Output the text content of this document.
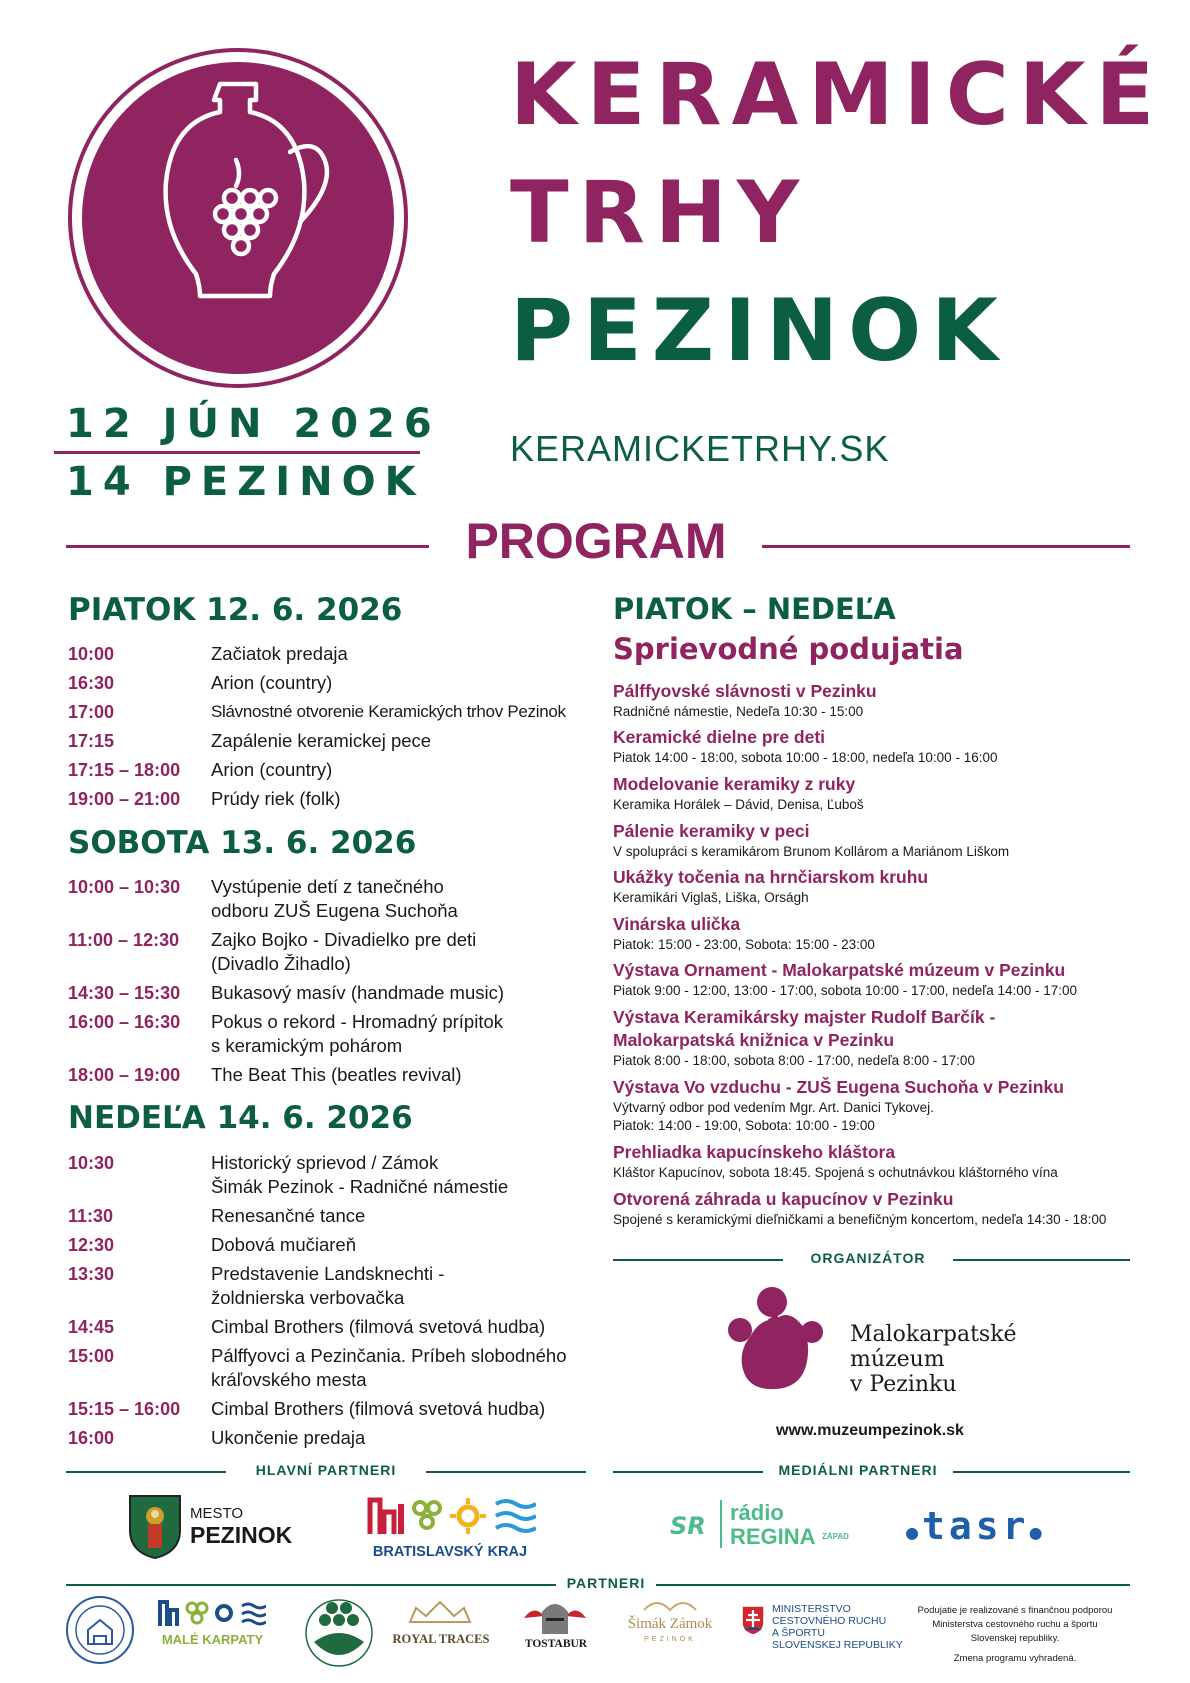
KERAMICKÉ
TRHY
PEZINOK
12 JÚN 2026
14 PEZINOK
KERAMICKETRHY.SK
PROGRAM
PIATOK 12. 6. 2026
10:00	Začiatok predaja
16:30	Arion (country)
17:00	Slávnostné otvorenie Keramických trhov Pezinok
17:15	Zapálenie keramickej pece
17:15 – 18:00 Arion (country)
19:00 – 21:00 Prúdy riek (folk)
SOBOTA 13. 6. 2026
10:00 – 10:30 Vystúpenie detí z tanečného
odboru ZUŠ Eugena Suchoňa
11:00 – 12:30 Zajko Bojko - Divadielko pre deti
(Divadlo Žihadlo)
14:30 – 15:30 Bukasový masív (handmade music)
16:00 – 16:30 Pokus o rekord - Hromadný prípitok
s keramickým pohárom
18:00 – 19:00 The Beat This (beatles revival)
NEDEĽA 14. 6. 2026
10:30	Historický sprievod / Zámok
Šimák Pezinok - Radničné námestie
11:30	Renesančné tance
12:30	Dobová mučiareň
13:30	Predstavenie Landsknechti -
žoldnierska verbovačka
14:45	Cimbal Brothers (filmová svetová hudba)
15:00	Pálffyovci a Pezinčania. Príbeh slobodného
kráľovského mesta
15:15 – 16:00 Cimbal Brothers (filmová svetová hudba)
16:00	Ukončenie predaja
PIATOK – NEDEĽA
Sprievodné podujatia
Pálffyovské slávnosti v Pezinku
Radničné námestie, Nedeľa 10:30 - 15:00
Keramické dielne pre deti
Piatok 14:00 - 18:00, sobota 10:00 - 18:00, nedeľa 10:00 - 16:00
Modelovanie keramiky z ruky
Keramika Horálek – Dávid, Denisa, Ľuboš
Pálenie keramiky v peci
V spolupráci s keramikárom Brunom Kollárom a Mariánom Liškom
Ukážky točenia na hrnčiarskom kruhu
Keramikári Viglaš, Liška, Orságh
Vinárska ulička
Piatok: 15:00 - 23:00, Sobota: 15:00 - 23:00
Výstava Ornament - Malokarpatské múzeum v Pezinku
Piatok 9:00 - 12:00, 13:00 - 17:00, sobota 10:00 - 17:00, nedeľa 14:00 - 17:00
Výstava Keramikársky majster Rudolf Barčík -
Malokarpatská knižnica v Pezinku
Piatok 8:00 - 18:00, sobota 8:00 - 17:00, nedeľa 8:00 - 17:00
Výstava Vo vzduchu - ZUŠ Eugena Suchoňa v Pezinku
Výtvarný odbor pod vedením Mgr. Art. Danici Tykovej.
Piatok: 14:00 - 19:00, Sobota: 10:00 - 19:00
Prehliadka kapucínskeho kláštora
Kláštor Kapucínov, sobota 18:45. Spojená s ochutnávkou kláštorného vína
Otvorená záhrada u kapucínov v Pezinku
Spojené s keramickými dieľničkami a benefičným koncertom, nedeľa 14:30 - 18:00
ORGANIZÁTOR
Malokarpatské
múzeum
v Pezinku
www.muzeumpezinok.sk
HLAVNÍ PARTNERI	MEDIÁLNI PARTNERI
MESTO
PEZINOK
BRATISLAVSKÝ KRAJ
SR rádio
REGINA ZÁPAD	●tasr●
PARTNERI
MALÉ KARPATY	ROYAL TRACES	TOSTABUR
Šimák Zámok
PEZINOK
MINISTERSTVO
CESTOVNÉHO RUCHU
A ŠPORTU
SLOVENSKEJ REPUBLIKY
Podujatie je realizované s finančnou podporou
Ministerstva cestovného ruchu a športu
Slovenskej republiky.
Zmena programu vyhradená.
